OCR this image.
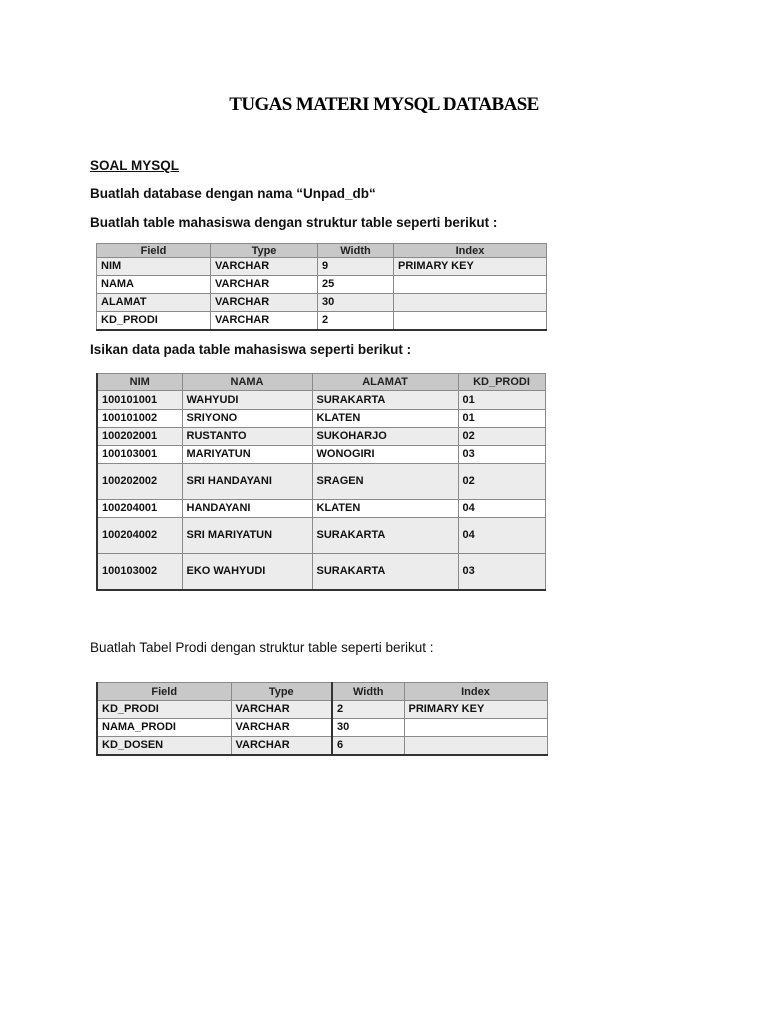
TUGAS MATERI MYSQL DATABASE
SOAL MYSQL
Buatlah database dengan nama “Unpad_db“
Buatlah table mahasiswa dengan struktur table seperti berikut :
Field	Type	Width	Index
NIM	VARCHAR	9	PRIMARY KEY
NAMA	VARCHAR	25	
ALAMAT	VARCHAR	30	
KD_PRODI	VARCHAR	2	
Isikan data pada table mahasiswa seperti berikut :
NIM	NAMA	ALAMAT	KD_PRODI
100101001	WAHYUDI	SURAKARTA	01
100101002	SRIYONO	KLATEN	01
100202001	RUSTANTO	SUKOHARJO	02
100103001	MARIYATUN	WONOGIRI	03
100202002	SRI HANDAYANI	SRAGEN	02
100204001	HANDAYANI	KLATEN	04
100204002	SRI MARIYATUN	SURAKARTA	04
100103002	EKO WAHYUDI	SURAKARTA	03
Buatlah Tabel Prodi dengan struktur table seperti berikut :
Field	Type	Width	Index
KD_PRODI	VARCHAR	2	PRIMARY KEY
NAMA_PRODI	VARCHAR	30	
KD_DOSEN	VARCHAR	6	
